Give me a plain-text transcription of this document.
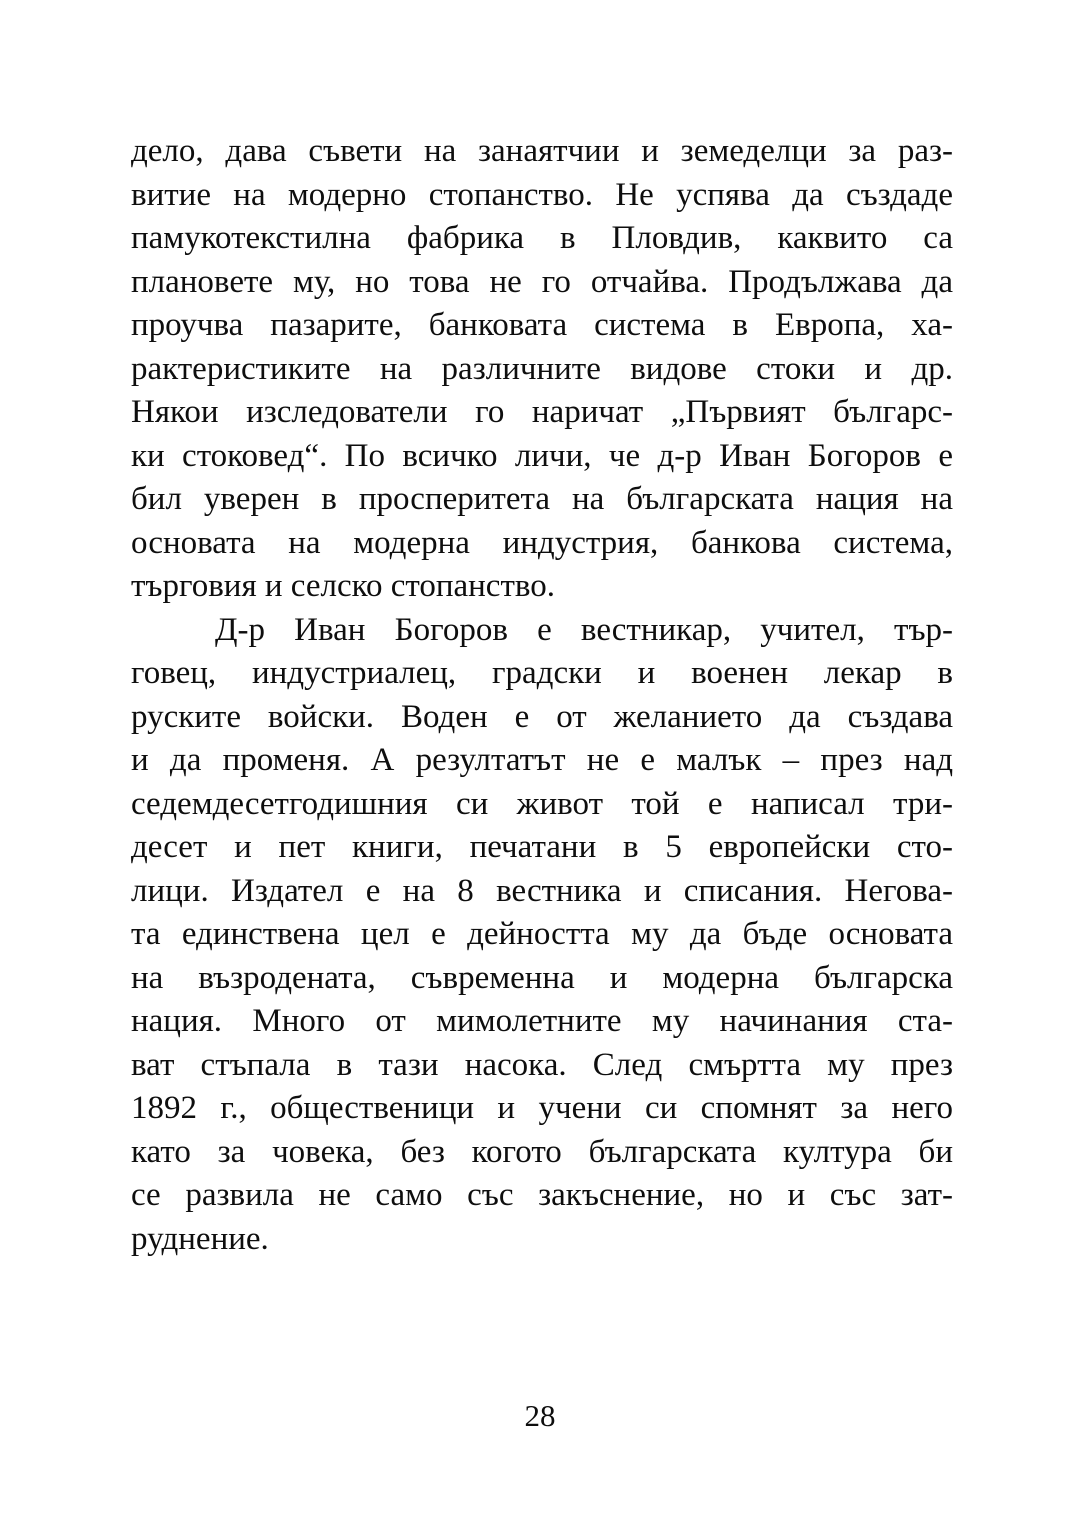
дело, дава съвети на занаятчии и земеделци за раз-
витие на модерно стопанство. Не успява да създаде
памукотекстилна фабрика в Пловдив, каквито са
плановете му, но това не го отчайва. Продължава да
проучва пазарите, банковата система в Европа, ха-
рактеристиките на различните видове стоки и др.
Някои изследователи го наричат „Първият българс-
ки стоковед“. По всичко личи, че д-р Иван Богоров е
бил уверен в просперитета на българската нация на
основата на модерна индустрия, банкова система,
търговия и селско стопанство.
Д-р Иван Богоров е вестникар, учител, тър-
говец, индустриалец, градски и военен лекар в
руските войски. Воден е от желанието да създава
и да променя. А резултатът не е малък – през над
седемдесетгодишния си живот той е написал три-
десет и пет книги, печатани в 5 европейски сто-
лици. Издател е на 8 вестника и списания. Негова-
та единствена цел е дейността му да бъде основата
на възродената, съвременна и модерна българска
нация. Много от мимолетните му начинания ста-
ват стъпала в тази насока. След смъртта му през
1892 г., общественици и учени си спомнят за него
като за човека, без когото българската култура би
се развила не само със закъснение, но и със зат-
руднение.
28
